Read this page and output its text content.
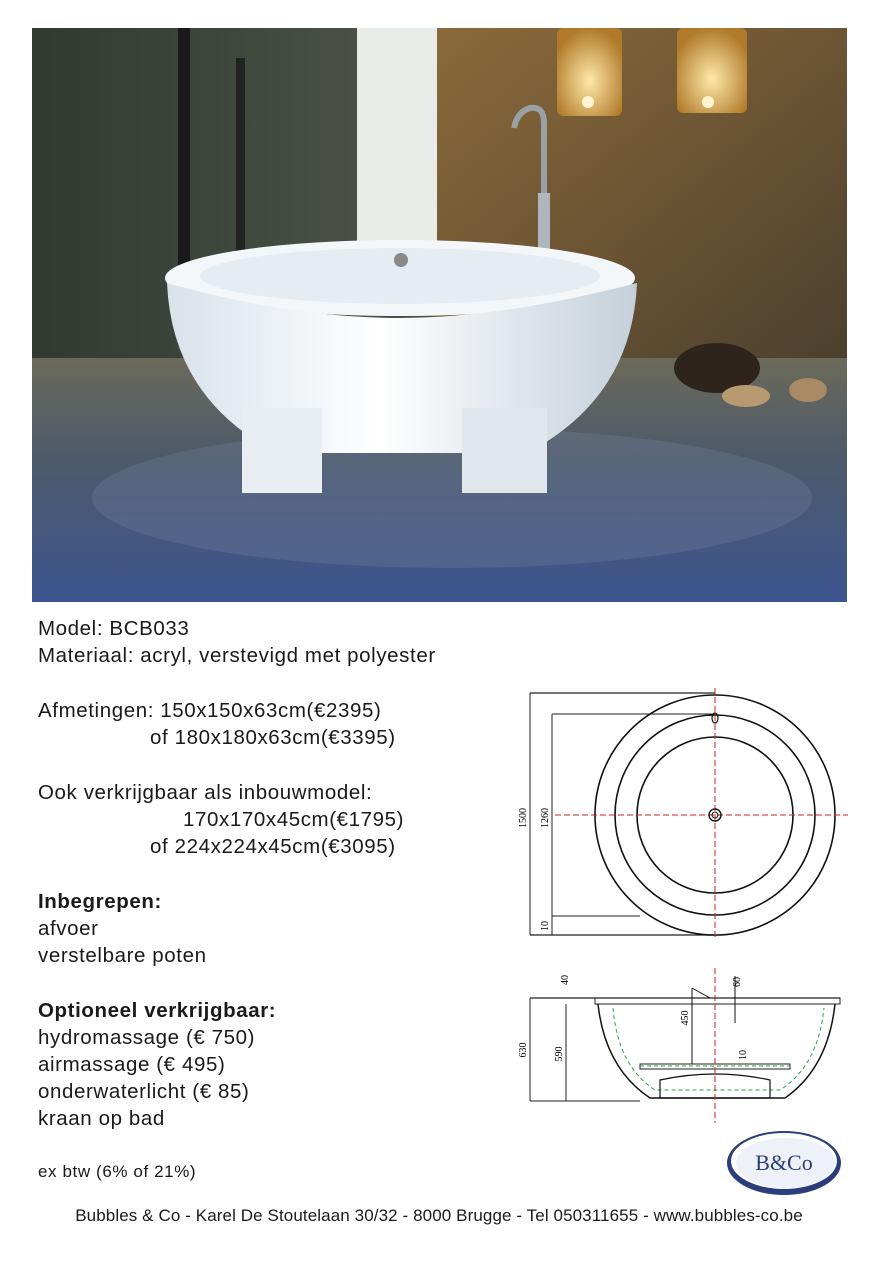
Model: BCB033
Materiaal: acryl, verstevigd met polyester
Afmetingen: 150x150x63cm(€2395)
of 180x180x63cm(€3395)
Ook verkrijgbaar als inbouwmodel:
170x170x45cm(€1795)
of 224x224x45cm(€3095)
Inbegrepen:
afvoer
verstelbare poten
Optioneel verkrijgbaar:
hydromassage (€ 750)
airmassage (€ 495)
onderwaterlicht (€ 85)
kraan op bad
ex btw (6% of 21%)
1500 1260
10
40	60
450
630	590	10
B&Co
Bubbles & Co - Karel De Stoutelaan 30/32 - 8000 Brugge - Tel 050311655 - www.bubbles-co.be
